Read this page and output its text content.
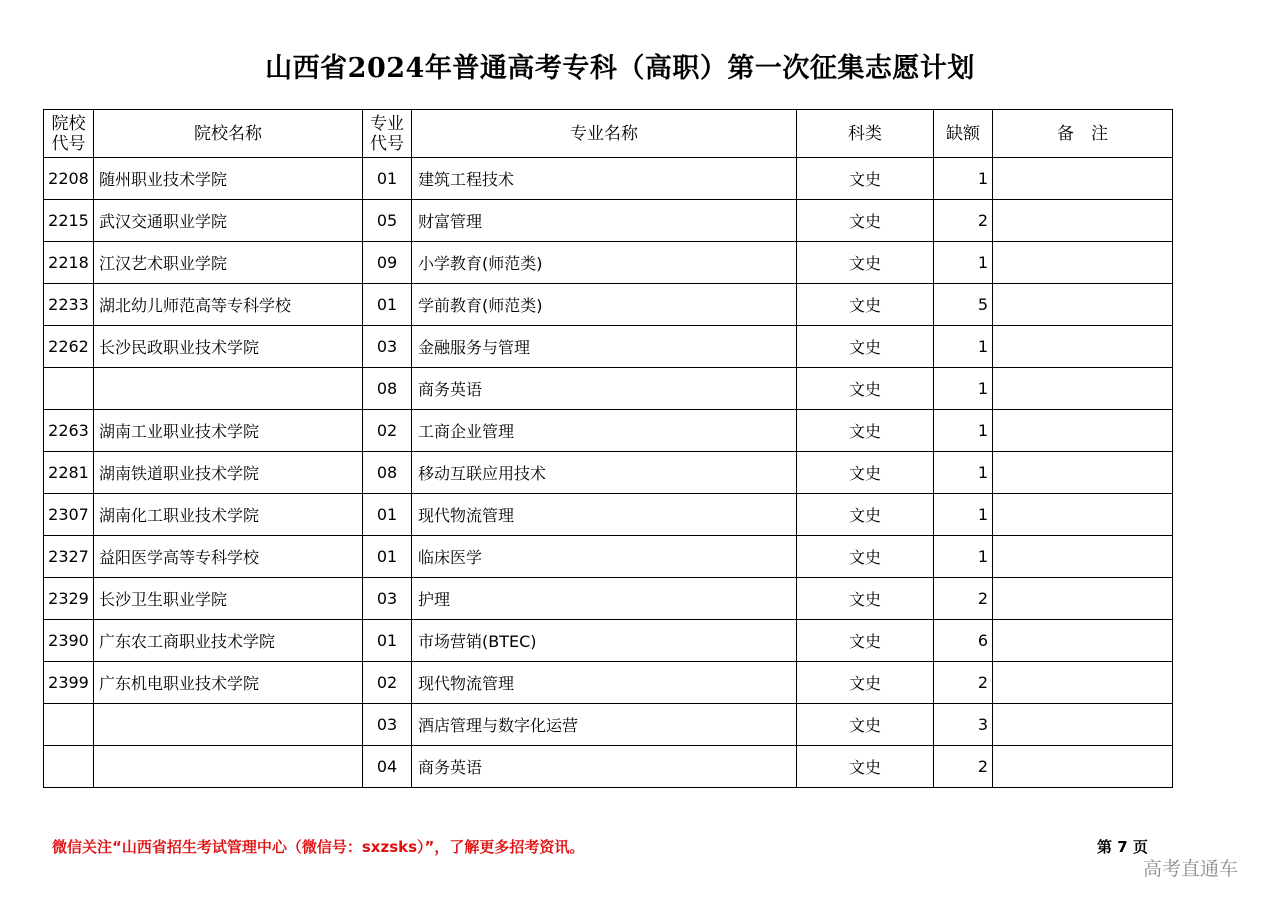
山西省2024年普通高考专科（高职）第一次征集志愿计划
院校代号	院校名称	专业代号	专业名称	科类	缺额	备　注
2208	随州职业技术学院	01	建筑工程技术	文史	1	
2215	武汉交通职业学院	05	财富管理	文史	2	
2218	江汉艺术职业学院	09	小学教育(师范类)	文史	1	
2233	湖北幼儿师范高等专科学校	01	学前教育(师范类)	文史	5	
2262	长沙民政职业技术学院	03	金融服务与管理	文史	1	
		08	商务英语	文史	1	
2263	湖南工业职业技术学院	02	工商企业管理	文史	1	
2281	湖南铁道职业技术学院	08	移动互联应用技术	文史	1	
2307	湖南化工职业技术学院	01	现代物流管理	文史	1	
2327	益阳医学高等专科学校	01	临床医学	文史	1	
2329	长沙卫生职业学院	03	护理	文史	2	
2390	广东农工商职业技术学院	01	市场营销(BTEC)	文史	6	
2399	广东机电职业技术学院	02	现代物流管理	文史	2	
		03	酒店管理与数字化运营	文史	3	
		04	商务英语	文史	2	
微信关注“山西省招生考试管理中心（微信号：sxzsks）”，了解更多招考资讯。	第 7 页
高考直通车
